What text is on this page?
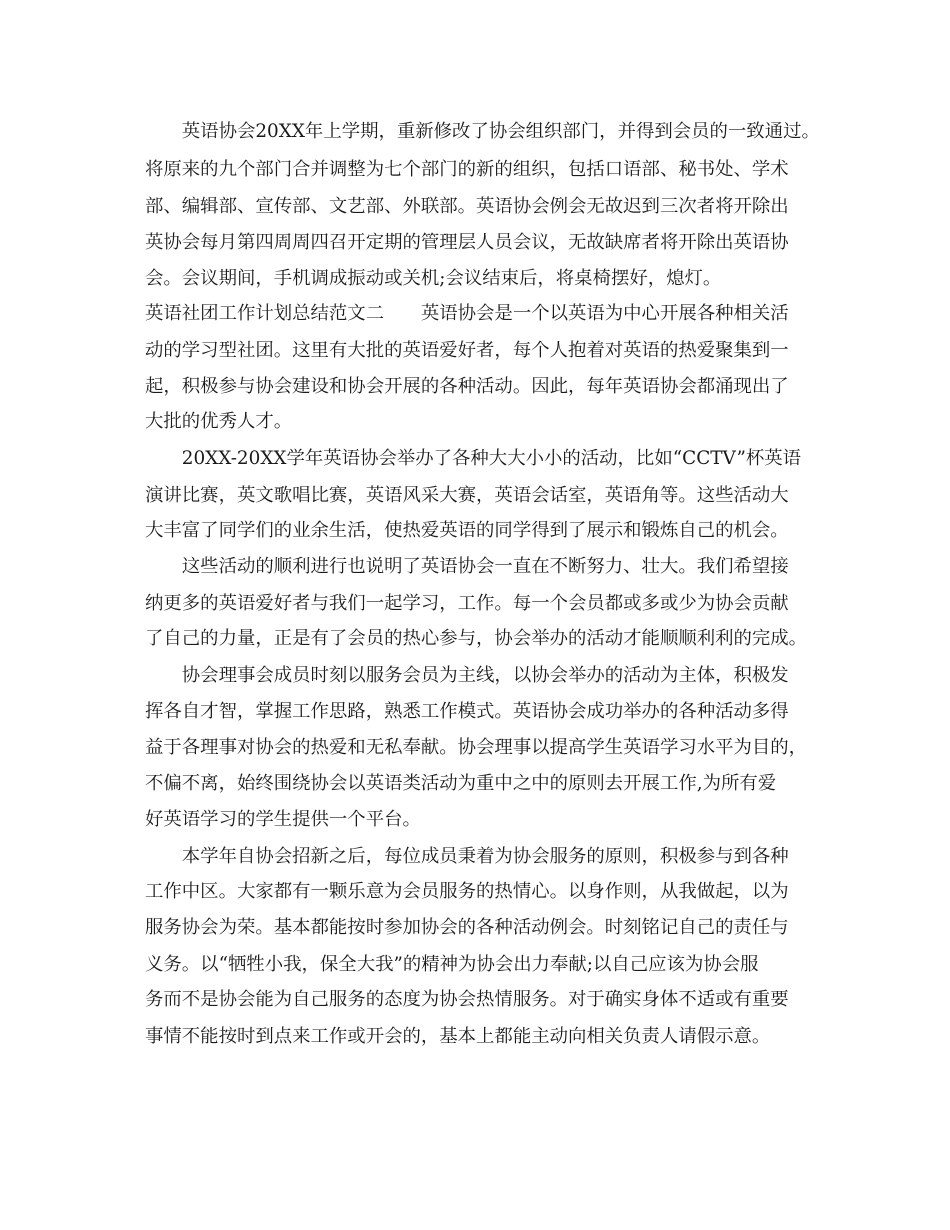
　　英语协会20XX年上学期，重新修改了协会组织部门，并得到会员的一致通过。

将原来的九个部门合并调整为七个部门的新的组织，包括口语部、秘书处、学术

部、编辑部、宣传部、文艺部、外联部。英语协会例会无故迟到三次者将开除出

英协会每月第四周周四召开定期的管理层人员会议，无故缺席者将开除出英语协

会。会议期间，手机调成振动或关机;会议结束后，将桌椅摆好，熄灯。

英语社团工作计划总结范文二　　英语协会是一个以英语为中心开展各种相关活

动的学习型社团。这里有大批的英语爱好者，每个人抱着对英语的热爱聚集到一

起，积极参与协会建设和协会开展的各种活动。因此，每年英语协会都涌现出了

大批的优秀人才。

　　20XX-20XX学年英语协会举办了各种大大小小的活动，比如“CCTV”杯英语

演讲比赛，英文歌唱比赛，英语风采大赛，英语会话室，英语角等。这些活动大

大丰富了同学们的业余生活，使热爱英语的同学得到了展示和锻炼自己的机会。

　　这些活动的顺利进行也说明了英语协会一直在不断努力、壮大。我们希望接

纳更多的英语爱好者与我们一起学习，工作。每一个会员都或多或少为协会贡献

了自己的力量，正是有了会员的热心参与，协会举办的活动才能顺顺利利的完成。

　　协会理事会成员时刻以服务会员为主线，以协会举办的活动为主体，积极发

挥各自才智，掌握工作思路，熟悉工作模式。英语协会成功举办的各种活动多得

益于各理事对协会的热爱和无私奉献。协会理事以提高学生英语学习水平为目的，

不偏不离，始终围绕协会以英语类活动为重中之中的原则去开展工作,为所有爱

好英语学习的学生提供一个平台。

　　本学年自协会招新之后，每位成员秉着为协会服务的原则，积极参与到各种

工作中区。大家都有一颗乐意为会员服务的热情心。以身作则，从我做起，以为

服务协会为荣。基本都能按时参加协会的各种活动例会。时刻铭记自己的责任与

义务。以“牺牲小我，保全大我”的精神为协会出力奉献;以自己应该为协会服

务而不是协会能为自己服务的态度为协会热情服务。对于确实身体不适或有重要

事情不能按时到点来工作或开会的，基本上都能主动向相关负责人请假示意。
